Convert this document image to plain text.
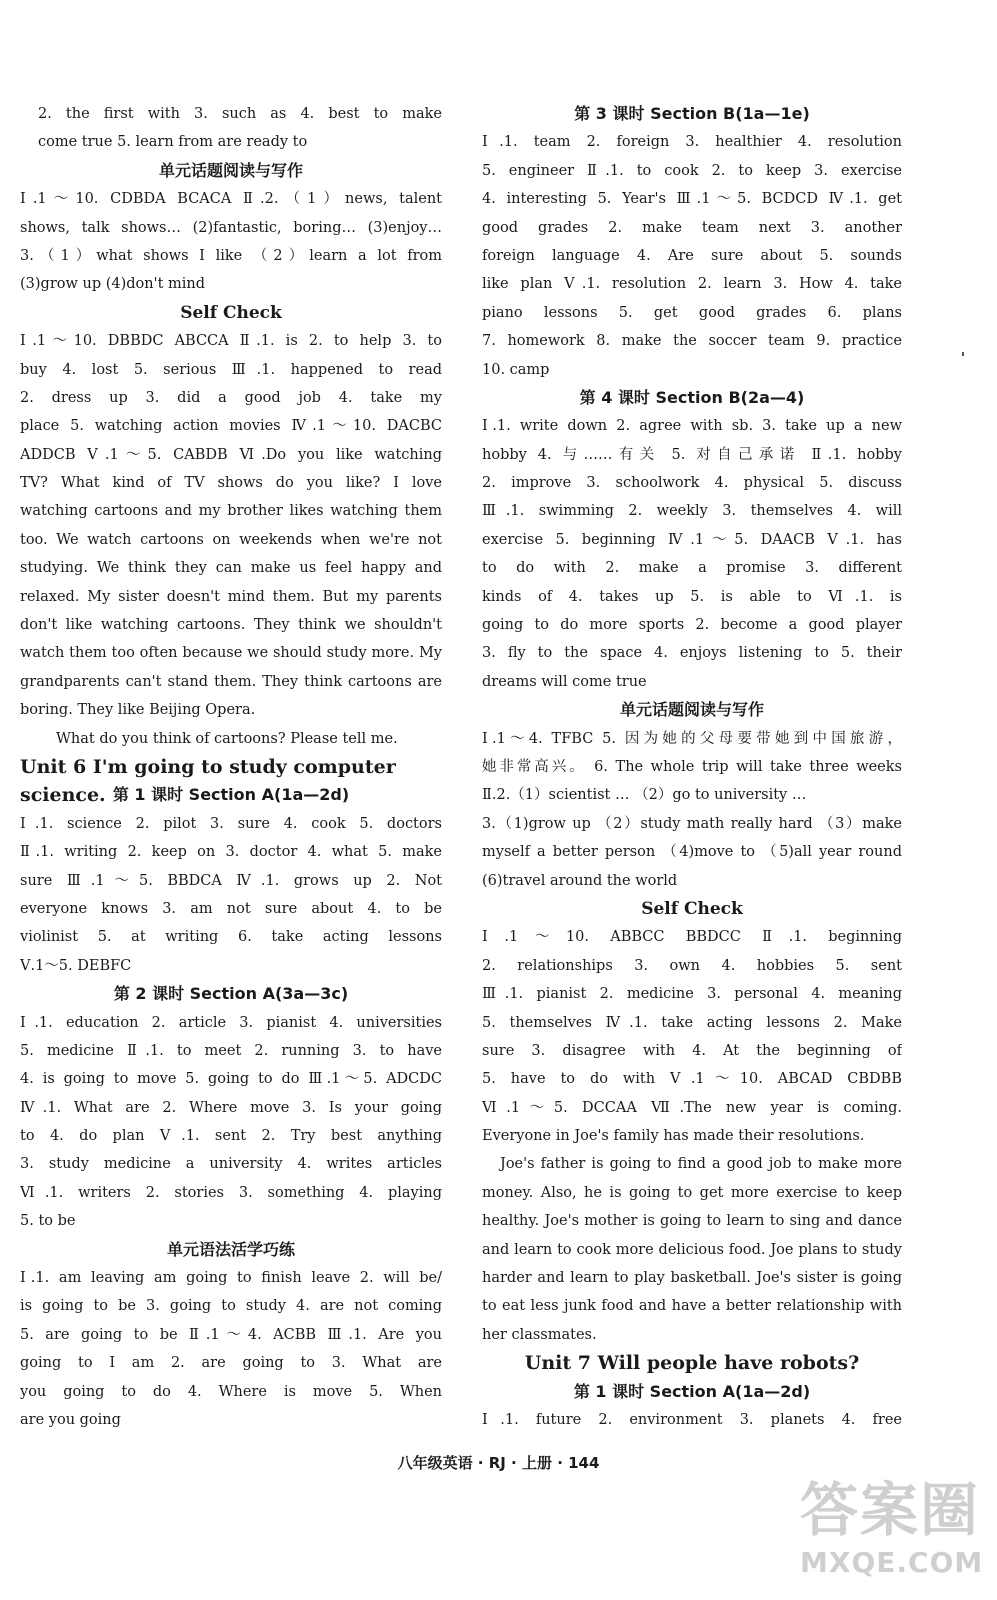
2. the first with 3. such as 4. best to make
come true 5. learn from are ready to
单元话题阅读与写作
Ⅰ.1～10. CDBDA BCACA Ⅱ.2.（1）news, talent
shows, talk shows… (2)fantastic, boring… (3)enjoy…
3.（1）what shows I like （2）learn a lot from
(3)grow up (4)don't mind
Self Check
Ⅰ.1～10. DBBDC ABCCA Ⅱ.1. is 2. to help 3. to
buy 4. lost 5. serious Ⅲ.1. happened to read
2. dress up 3. did a good job 4. take my
place 5. watching action movies Ⅳ.1～10. DACBC
ADDCB Ⅴ.1～5. CABDB Ⅵ.Do you like watching
TV? What kind of TV shows do you like? I love
watching cartoons and my brother likes watching them
too. We watch cartoons on weekends when we're not
studying. We think they can make us feel happy and
relaxed. My sister doesn't mind them. But my parents
don't like watching cartoons. They think we shouldn't
watch them too often because we should study more. My
grandparents can't stand them. They think cartoons are
boring. They like Beijing Opera.
What do you think of cartoons? Please tell me.
Unit 6 I'm going to study computer science. 第 1 课时 Section A(1a—2d)
Ⅰ.1. science 2. pilot 3. sure 4. cook 5. doctors
Ⅱ.1. writing 2. keep on 3. doctor 4. what 5. make
sure Ⅲ.1～5. BBDCA Ⅳ.1. grows up 2. Not
everyone knows 3. am not sure about 4. to be
violinist 5. at writing 6. take acting lessons
Ⅴ.1～5. DEBFC
第 2 课时 Section A(3a—3c)
Ⅰ.1. education 2. article 3. pianist 4. universities
5. medicine Ⅱ.1. to meet 2. running 3. to have
4. is going to move 5. going to do Ⅲ.1～5. ADCDC
Ⅳ.1. What are 2. Where move 3. Is your going
to 4. do plan Ⅴ.1. sent 2. Try best anything
3. study medicine a university 4. writes articles
Ⅵ.1. writers 2. stories 3. something 4. playing
5. to be
单元语法活学巧练
Ⅰ.1. am leaving am going to finish leave 2. will be/
is going to be 3. going to study 4. are not coming
5. are going to be Ⅱ.1～4. ACBB Ⅲ.1. Are you
going to I am 2. are going to 3. What are
you going to do 4. Where is move 5. When
are you going
第 3 课时 Section B(1a—1e)
Ⅰ.1. team 2. foreign 3. healthier 4. resolution
5. engineer Ⅱ.1. to cook 2. to keep 3. exercise
4. interesting 5. Year's Ⅲ.1～5. BCDCD Ⅳ.1. get
good grades 2. make team next 3. another
foreign language 4. Are sure about 5. sounds
like plan Ⅴ.1. resolution 2. learn 3. How 4. take
piano lessons 5. get good grades 6. plans
7. homework 8. make the soccer team 9. practice
10. camp
第 4 课时 Section B(2a—4)
Ⅰ.1. write down 2. agree with sb. 3. take up a new
hobby 4. 与……有关 5. 对自己承诺 Ⅱ.1. hobby
2. improve 3. schoolwork 4. physical 5. discuss
Ⅲ.1. swimming 2. weekly 3. themselves 4. will
exercise 5. beginning Ⅳ.1～5. DAACB Ⅴ.1. has
to do with 2. make a promise 3. different
kinds of 4. takes up 5. is able to Ⅵ.1. is
going to do more sports 2. become a good player
3. fly to the space 4. enjoys listening to 5. their
dreams will come true
单元话题阅读与写作
Ⅰ.1～4. TFBC 5. 因为她的父母要带她到中国旅游，
她非常高兴。 6. The whole trip will take three weeks
Ⅱ.2.（1）scientist … （2）go to university …
3.（1)grow up （2）study math really hard （3）make
myself a better person （4)move to （5)all year round
(6)travel around the world
Self Check
Ⅰ.1～10. ABBCC BBDCC Ⅱ.1. beginning
2. relationships 3. own 4. hobbies 5. sent
Ⅲ.1. pianist 2. medicine 3. personal 4. meaning
5. themselves Ⅳ.1. take acting lessons 2. Make
sure 3. disagree with 4. At the beginning of
5. have to do with Ⅴ.1～10. ABCAD CBDBB
Ⅵ.1～5. DCCAA Ⅶ.The new year is coming.
Everyone in Joe's family has made their resolutions.
Joe's father is going to find a good job to make more
money. Also, he is going to get more exercise to keep
healthy. Joe's mother is going to learn to sing and dance
and learn to cook more delicious food. Joe plans to study
harder and learn to play basketball. Joe's sister is going
to eat less junk food and have a better relationship with
her classmates.
Unit 7 Will people have robots?
第 1 课时 Section A(1a—2d)
Ⅰ.1. future 2. environment 3. planets 4. free
八年级英语 · RJ · 上册 · 144
答案圈
MXQE.COM
